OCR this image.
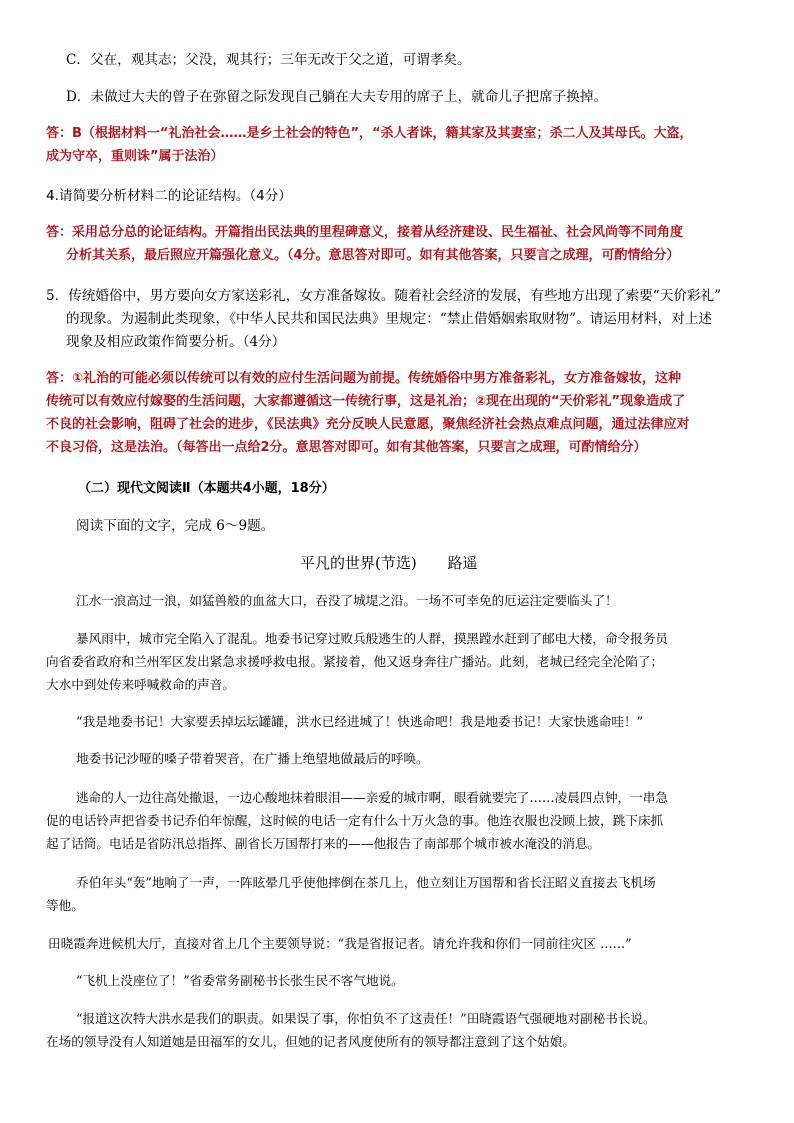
C．父在，观其志；父没，观其行；三年无改于父之道，可谓孝矣。
D．未做过大夫的曾子在弥留之际发现自己躺在大夫专用的席子上，就命儿子把席子换掉。
答：B（根据材料一“礼治社会……是乡土社会的特色”，“杀人者诛，籍其家及其妻室；杀二人及其母氏。大盗，
成为守卒，重则诛”属于法治）
4.请简要分析材料二的论证结构。（4分）
答：采用总分总的论证结构。开篇指出民法典的里程碑意义，接着从经济建设、民生福祉、社会风尚等不同角度
分析其关系，最后照应开篇强化意义。（4分。意思答对即可。如有其他答案，只要言之成理，可酌情给分）
5．传统婚俗中，男方要向女方家送彩礼，女方准备嫁妆。随着社会经济的发展，有些地方出现了索要“天价彩礼”
的现象。为遏制此类现象，《中华人民共和国民法典》里规定：“禁止借婚姻索取财物”。请运用材料，对上述
现象及相应政策作简要分析。（4分）
答：①礼治的可能必须以传统可以有效的应付生活问题为前提。传统婚俗中男方准备彩礼，女方准备嫁妆，这种
传统可以有效应付嫁娶的生活问题，大家都遵循这一传统行事，这是礼治；②现在出现的“天价彩礼”现象造成了
不良的社会影响，阻碍了社会的进步，《民法典》充分反映人民意愿，聚焦经济社会热点难点问题，通过法律应对
不良习俗，这是法治。（每答出一点给2分。意思答对即可。如有其他答案，只要言之成理，可酌情给分）
（二）现代文阅读Ⅱ（本题共4小题，18分）
阅读下面的文字，完成 6～9题。
平凡的世界(节选) 路遥
江水一浪高过一浪，如猛兽般的血盆大口，吞没了城堤之沿。一场不可幸免的厄运注定要临头了！
暴风雨中，城市完全陷入了混乱。地委书记穿过败兵般逃生的人群，摸黑蹚水赶到了邮电大楼，命令报务员
向省委省政府和兰州军区发出紧急求援呼救电报。紧接着，他又返身奔往广播站。此刻，老城已经完全沦陷了；
大水中到处传来呼喊救命的声音。
“我是地委书记！大家要丢掉坛坛罐罐，洪水已经进城了！快逃命吧！我是地委书记！大家快逃命哇！”
地委书记沙哑的嗓子带着哭音，在广播上绝望地做最后的呼唤。
逃命的人一边往高处撤退，一边心酸地抹着眼泪——亲爱的城市啊，眼看就要完了……凌晨四点钟，一串急
促的电话铃声把省委书记乔伯年惊醒，这时候的电话一定有什么十万火急的事。他连衣服也没顾上披，跳下床抓
起了话筒。电话是省防汛总指挥、副省长万国帮打来的——他报告了南部那个城市被水淹没的消息。
乔伯年头“轰”地响了一声，一阵眩晕几乎使他摔倒在茶几上，他立刻让万国帮和省长汪昭义直接去飞机场
等他。
田晓霞奔进候机大厅，直接对省上几个主要领导说：“我是省报记者。请允许我和你们一同前往灾区 ……”
“飞机上没座位了！”省委常务副秘书长张生民不客气地说。
“报道这次特大洪水是我们的职责。如果误了事，你怕负不了这责任！”田晓霞语气强硬地对副秘书长说。
在场的领导没有人知道她是田福军的女儿，但她的记者风度使所有的领导都注意到了这个姑娘。
